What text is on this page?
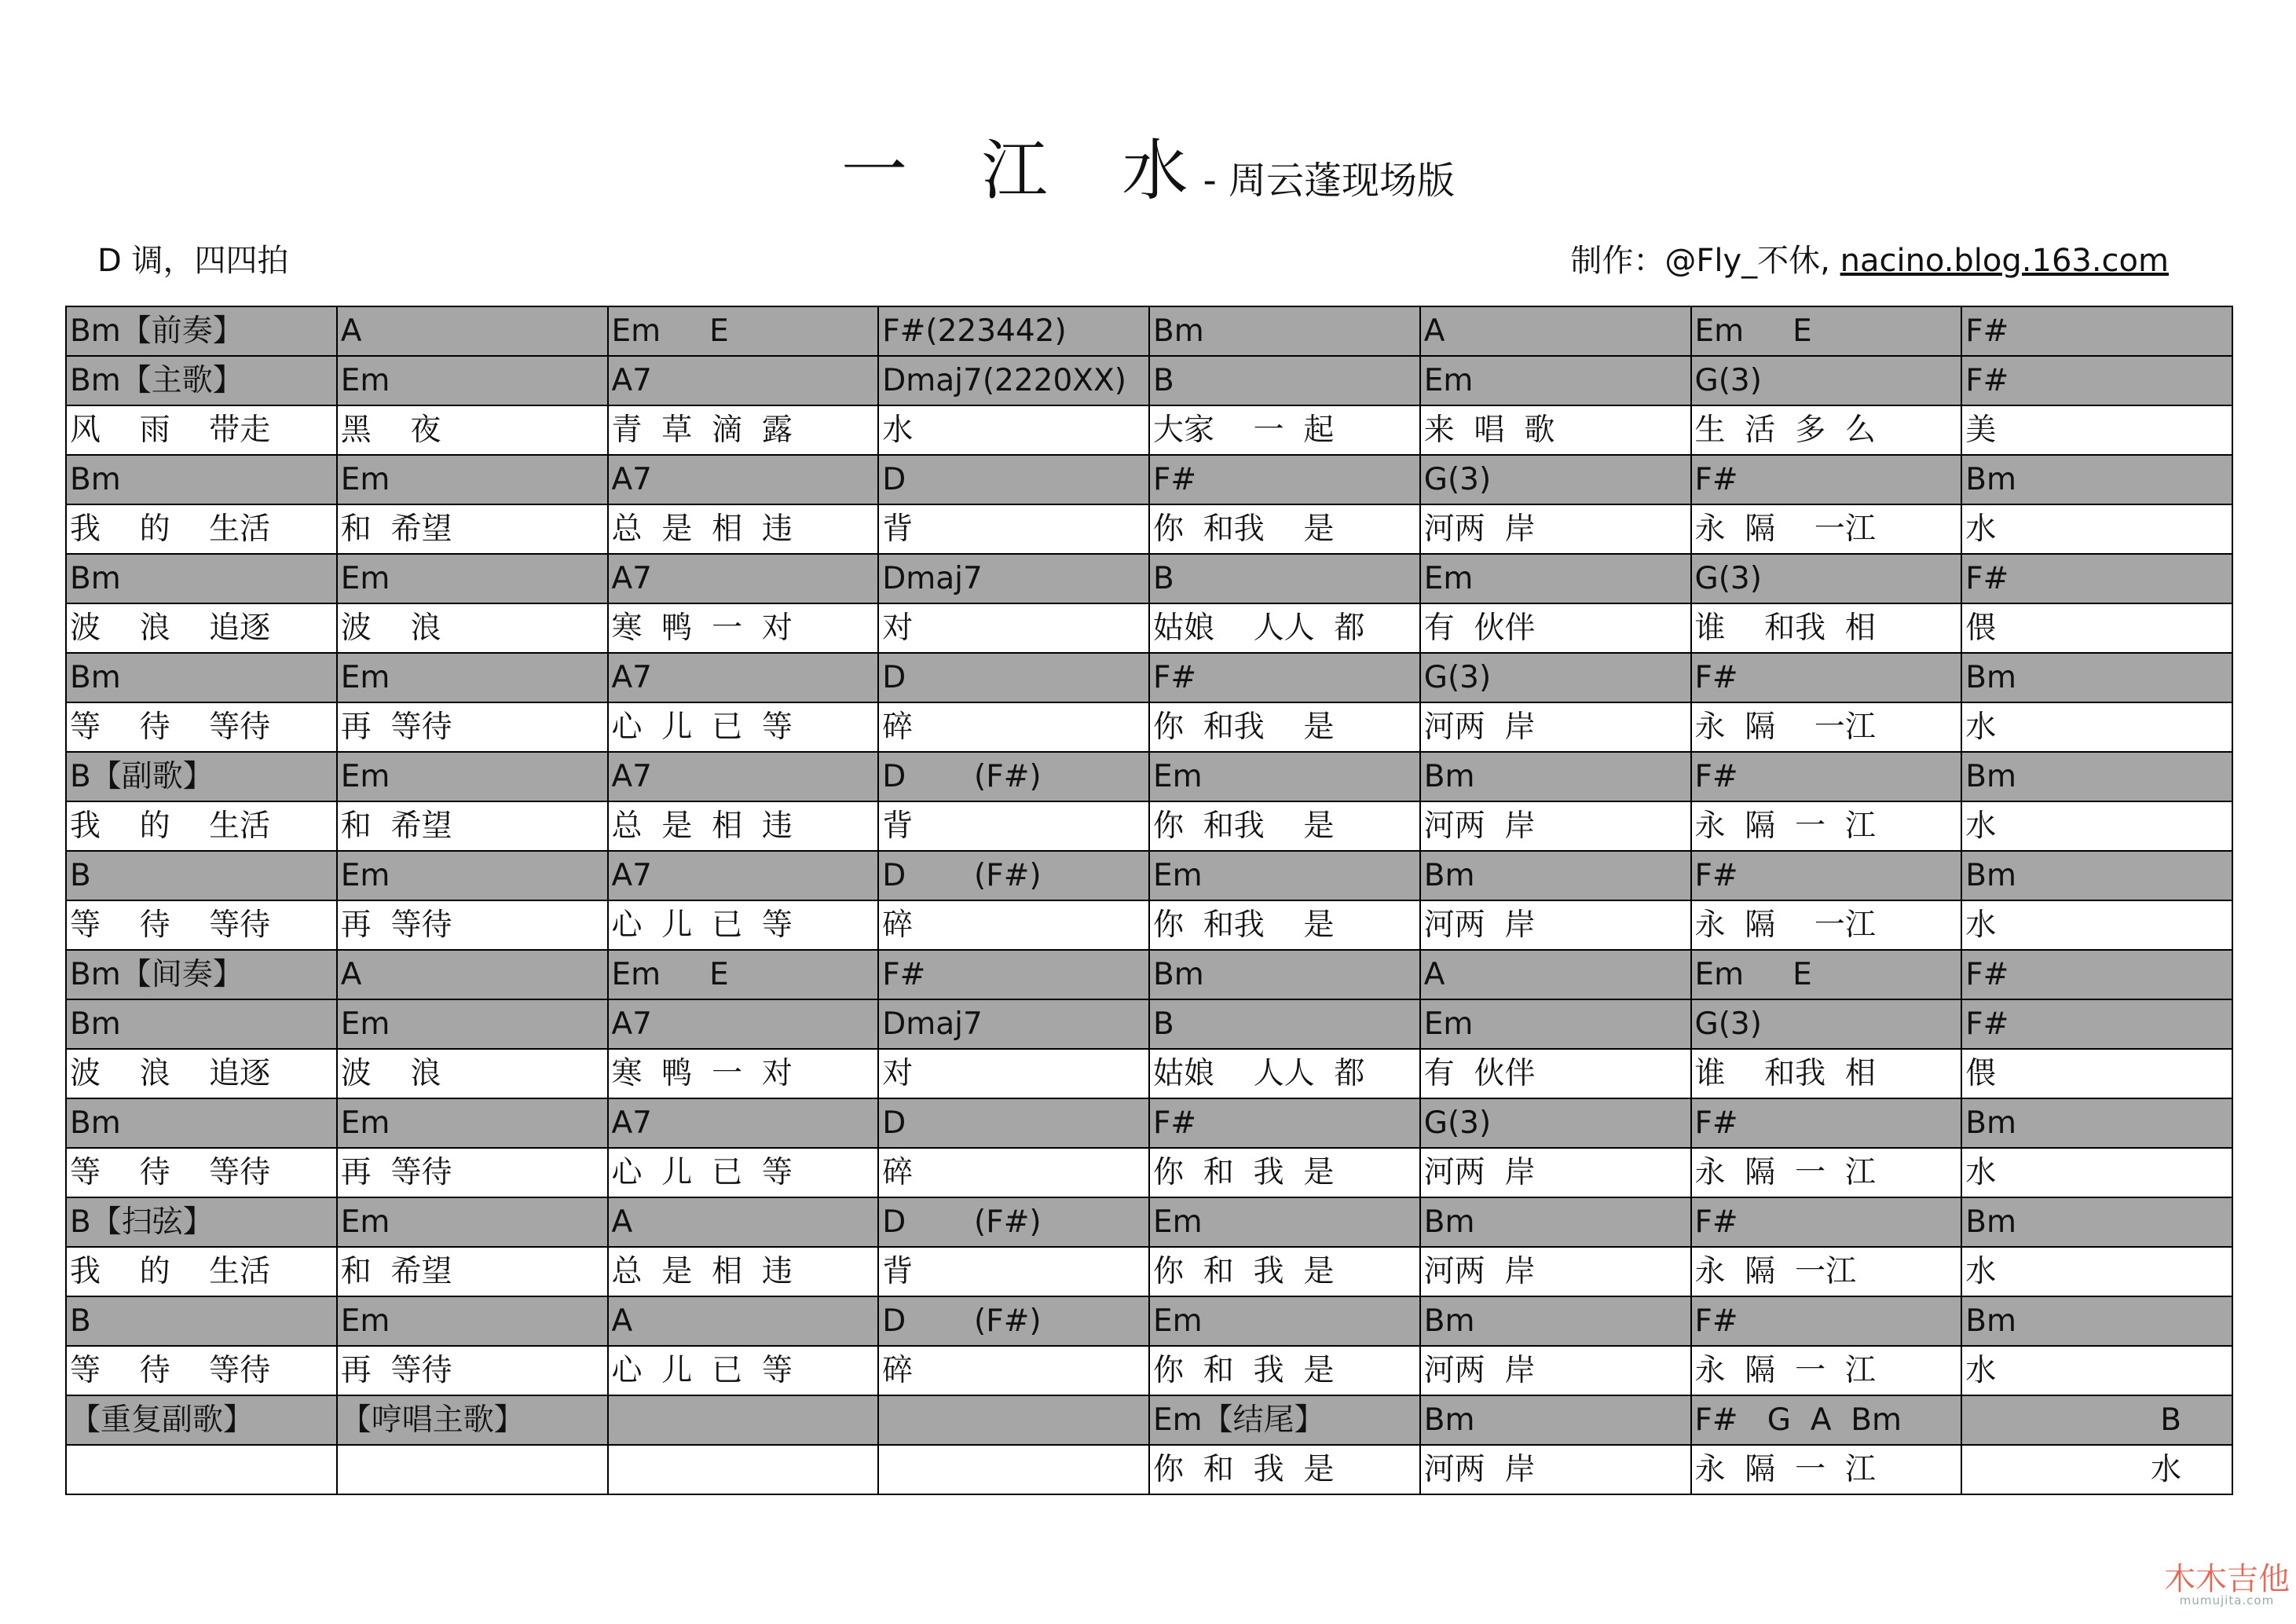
一 江 水 - 周云蓬现场版
D 调，四四拍	制作：@Fly_不休, nacino.blog.163.com
Bm【前奏】	A	Em     E	F#(223442)	Bm	A	Em     E	F#
Bm【主歌】	Em	A7	Dmaj7(2220XX)	B	Em	G(3)	F#
风    雨    带走	黑    夜	青  草  滴  露	水	大家    一  起	来  唱  歌	生  活  多  么	美
Bm	Em	A7	D	F#	G(3)	F#	Bm
我    的    生活	和  希望	总  是  相  违	背	你  和我    是	河两  岸	永  隔    一江	水
Bm	Em	A7	Dmaj7	B	Em	G(3)	F#
波    浪    追逐	波    浪	寒  鸭  一  对	对	姑娘    人人  都	有  伙伴	谁    和我  相	偎
Bm	Em	A7	D	F#	G(3)	F#	Bm
等    待    等待	再  等待	心  儿  已  等	碎	你  和我    是	河两  岸	永  隔    一江	水
B【副歌】	Em	A7	D       (F#)	Em	Bm	F#	Bm
我    的    生活	和  希望	总  是  相  违	背	你  和我    是	河两  岸	永  隔  一  江	水
B	Em	A7	D       (F#)	Em	Bm	F#	Bm
等    待    等待	再  等待	心  儿  已  等	碎	你  和我    是	河两  岸	永  隔    一江	水
Bm【间奏】	A	Em     E	F#	Bm	A	Em     E	F#
Bm	Em	A7	Dmaj7	B	Em	G(3)	F#
波    浪    追逐	波    浪	寒  鸭  一  对	对	姑娘    人人  都	有  伙伴	谁    和我  相	偎
Bm	Em	A7	D	F#	G(3)	F#	Bm
等    待    等待	再  等待	心  儿  已  等	碎	你  和  我  是	河两  岸	永  隔  一  江	水
B【扫弦】	Em	A	D       (F#)	Em	Bm	F#	Bm
我    的    生活	和  希望	总  是  相  违	背	你  和  我  是	河两  岸	永  隔  一江	水
B	Em	A	D       (F#)	Em	Bm	F#	Bm
等    待    等待	再  等待	心  儿  已  等	碎	你  和  我  是	河两  岸	永  隔  一  江	水
【重复副歌】	【哼唱主歌】			Em【结尾】	Bm	F#   G  A  Bm	B
				你  和  我  是	河两  岸	永  隔  一  江	水
木木吉他
mumujita.com
